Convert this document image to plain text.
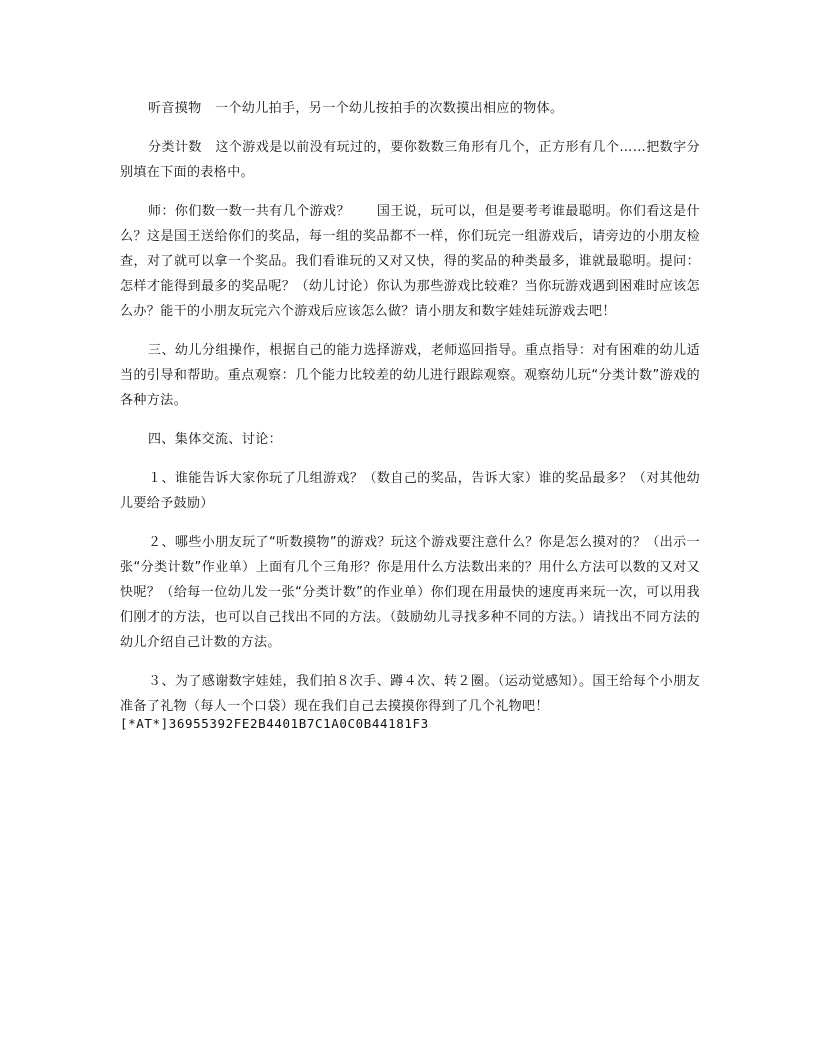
听音摸物　一个幼儿拍手，另一个幼儿按拍手的次数摸出相应的物体。

分类计数　这个游戏是以前没有玩过的，要你数数三角形有几个，正方形有几个……把数字分别填在下面的表格中。

师：你们数一数一共有几个游戏？　　国王说，玩可以，但是要考考谁最聪明。你们看这是什么？这是国王送给你们的奖品，每一组的奖品都不一样，你们玩完一组游戏后，请旁边的小朋友检查，对了就可以拿一个奖品。我们看谁玩的又对又快，得的奖品的种类最多，谁就最聪明。提问：怎样才能得到最多的奖品呢？（幼儿讨论）你认为那些游戏比较难？当你玩游戏遇到困难时应该怎么办？能干的小朋友玩完六个游戏后应该怎么做？请小朋友和数字娃娃玩游戏去吧！

三、幼儿分组操作，根据自己的能力选择游戏，老师巡回指导。重点指导：对有困难的幼儿适当的引导和帮助。重点观察：几个能力比较差的幼儿进行跟踪观察。观察幼儿玩“分类计数”游戏的各种方法。

四、集体交流、讨论：

１、谁能告诉大家你玩了几组游戏？（数自己的奖品，告诉大家）谁的奖品最多？（对其他幼儿要给予鼓励）

２、哪些小朋友玩了“听数摸物”的游戏？玩这个游戏要注意什么？你是怎么摸对的？（出示一张“分类计数”作业单）上面有几个三角形？你是用什么方法数出来的？用什么方法可以数的又对又快呢？（给每一位幼儿发一张“分类计数”的作业单）你们现在用最快的速度再来玩一次，可以用我们刚才的方法，也可以自己找出不同的方法。（鼓励幼儿寻找多种不同的方法。）请找出不同方法的幼儿介绍自己计数的方法。

３、为了感谢数字娃娃，我们拍８次手、蹲４次、转２圈。（运动觉感知）。国王给每个小朋友准备了礼物（每人一个口袋）现在我们自己去摸摸你得到了几个礼物吧！

[*AT*]36955392FE2B4401B7C1A0C0B44181F3
